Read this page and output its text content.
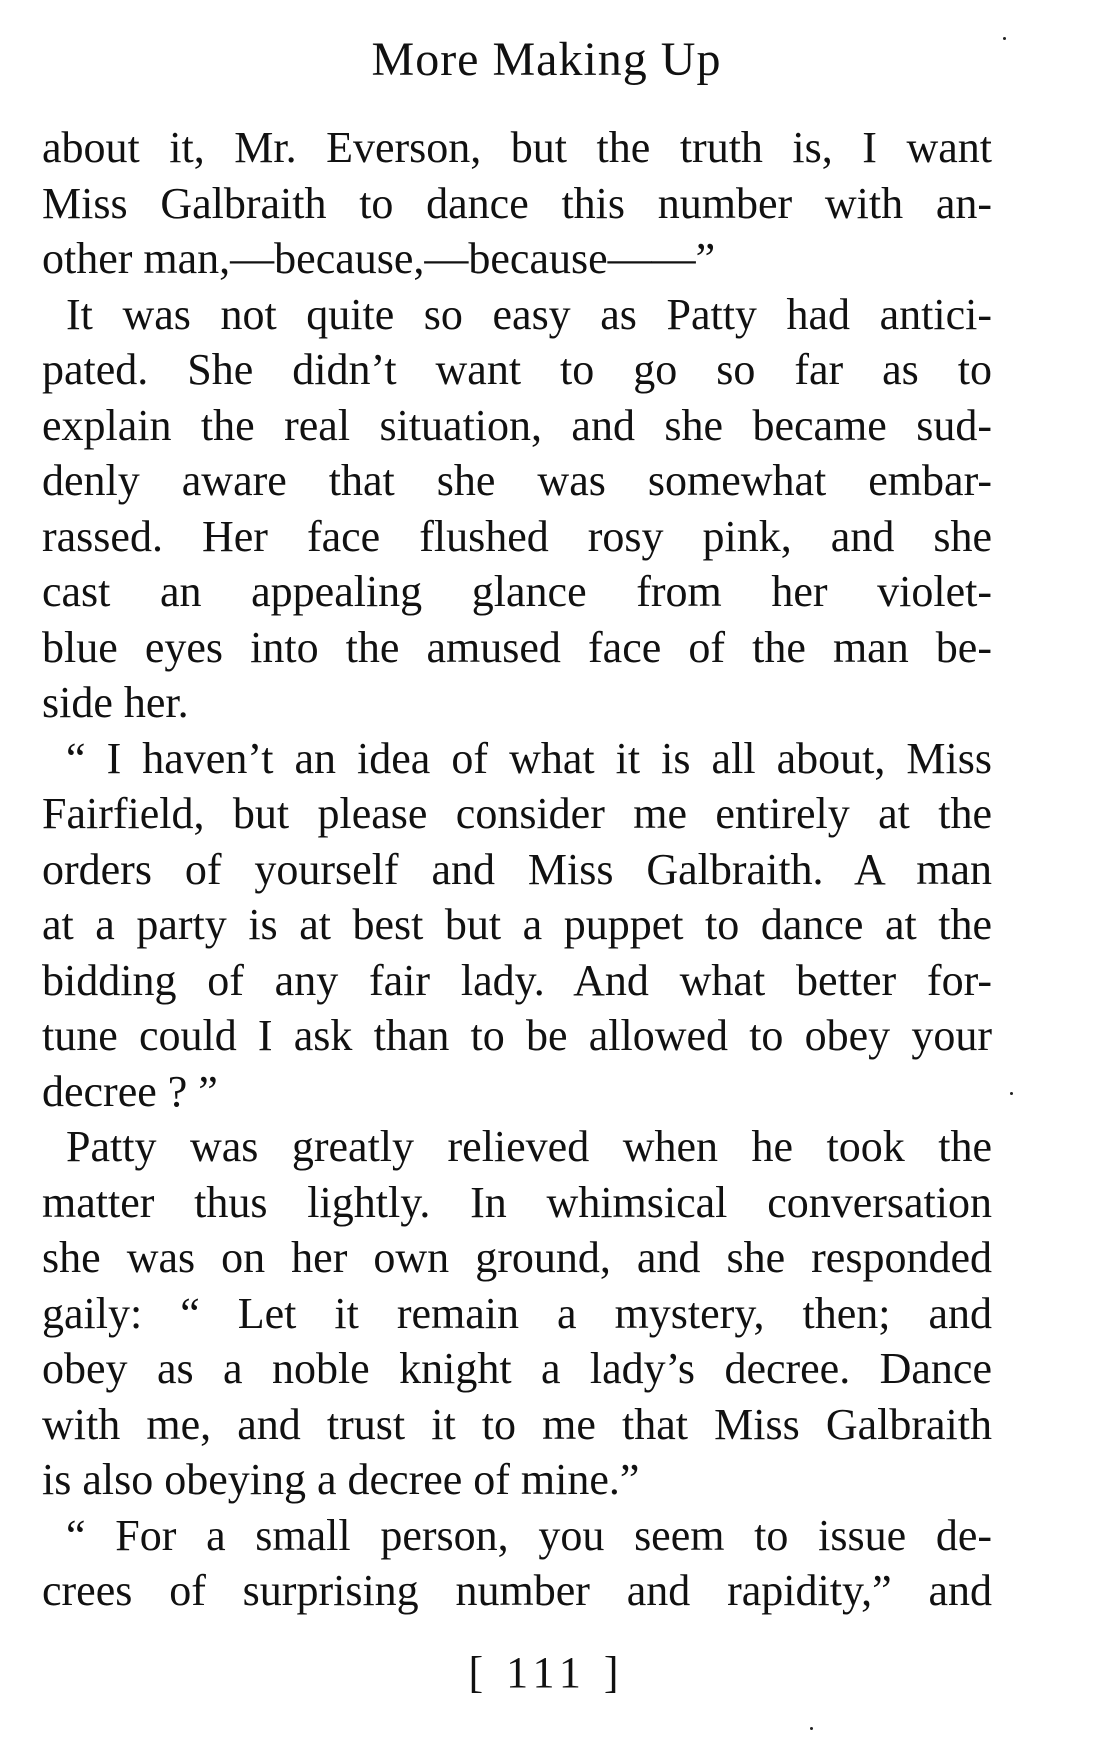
More Making Up
about it, Mr. Everson, but the truth is, I want
Miss Galbraith to dance this number with an-
other man,—because,—because——”
It was not quite so easy as Patty had antici-
pated. She didn’t want to go so far as to
explain the real situation, and she became sud-
denly aware that she was somewhat embar-
rassed. Her face flushed rosy pink, and she
cast an appealing glance from her violet-
blue eyes into the amused face of the man be-
side her.
“ I haven’t an idea of what it is all about, Miss
Fairfield, but please consider me entirely at the
orders of yourself and Miss Galbraith. A man
at a party is at best but a puppet to dance at the
bidding of any fair lady. And what better for-
tune could I ask than to be allowed to obey your
decree ? ”
Patty was greatly relieved when he took the
matter thus lightly. In whimsical conversation
she was on her own ground, and she responded
gaily: “ Let it remain a mystery, then; and
obey as a noble knight a lady’s decree. Dance
with me, and trust it to me that Miss Galbraith
is also obeying a decree of mine.”
“ For a small person, you seem to issue de-
crees of surprising number and rapidity,” and
[ 111 ]
